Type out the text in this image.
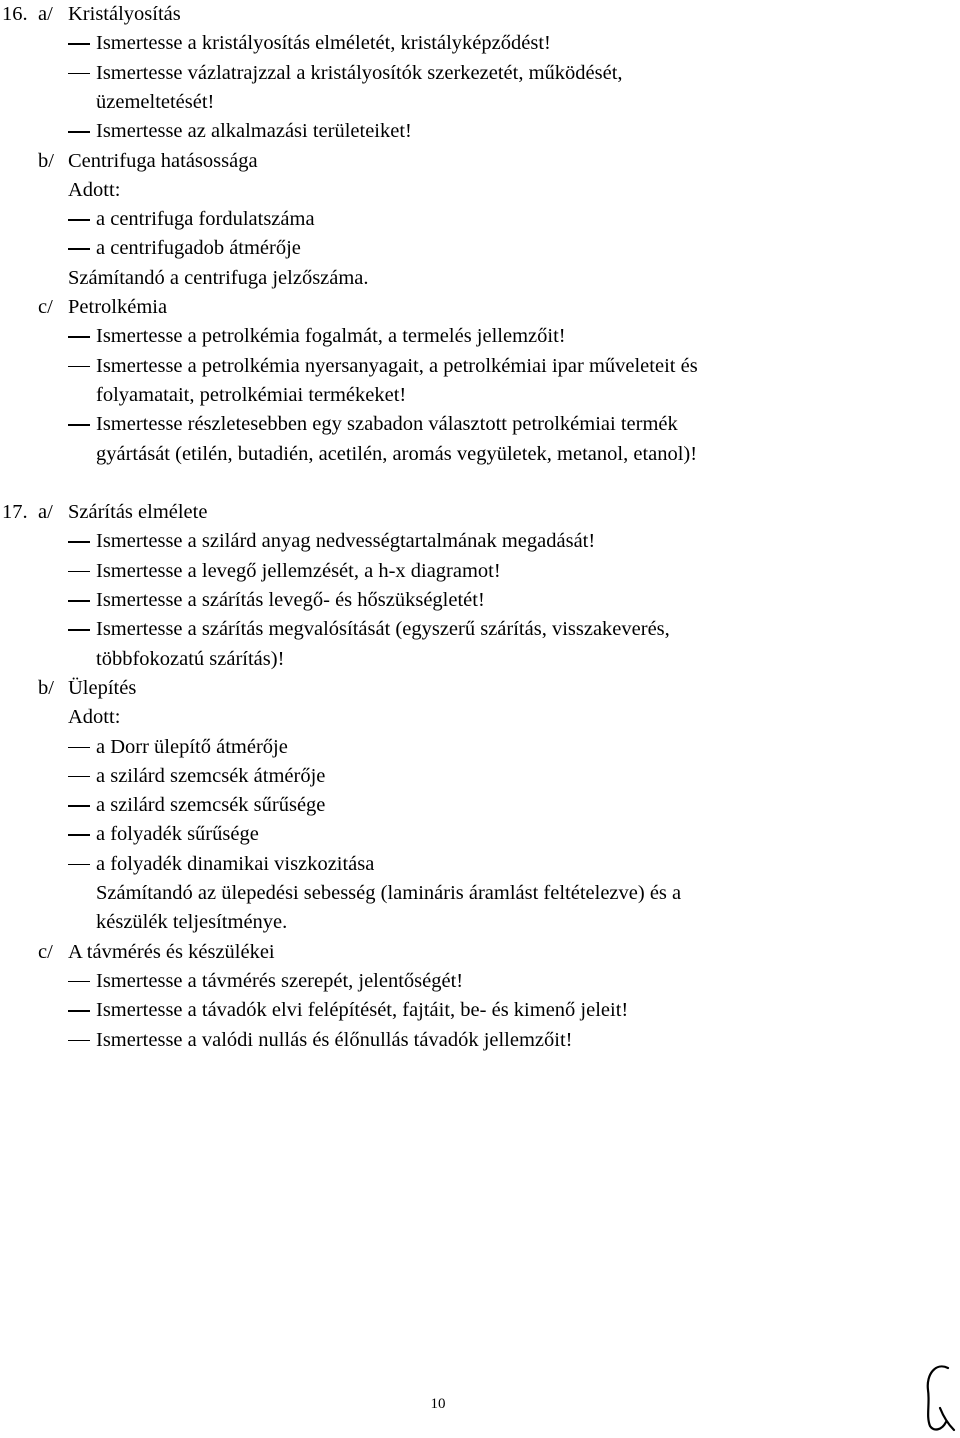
10
16. a/ Kristályosítás
Ismertesse a kristályosítás elméletét, kristályképződést!
Ismertesse vázlatrajzzal a kristályosítók szerkezetét, működését,
üzemeltetését!
Ismertesse az alkalmazási területeiket!
b/ Centrifuga hatásossága
Adott:
a centrifuga fordulatszáma
a centrifugadob átmérője
Számítandó a centrifuga jelzőszáma.
c/ Petrolkémia
Ismertesse a petrolkémia fogalmát, a termelés jellemzőit!
Ismertesse a petrolkémia nyersanyagait, a petrolkémiai ipar műveleteit és
folyamatait, petrolkémiai termékeket!
Ismertesse részletesebben egy szabadon választott petrolkémiai termék
gyártását (etilén, butadién, acetilén, aromás vegyületek, metanol, etanol)!
17. a/ Szárítás elmélete
Ismertesse a szilárd anyag nedvességtartalmának megadását!
Ismertesse a levegő jellemzését, a h-x diagramot!
Ismertesse a szárítás levegő- és hőszükségletét!
Ismertesse a szárítás megvalósítását (egyszerű szárítás, visszakeverés,
többfokozatú szárítás)!
b/ Ülepítés
Adott:
a Dorr ülepítő átmérője
a szilárd szemcsék átmérője
a szilárd szemcsék sűrűsége
a folyadék sűrűsége
a folyadék dinamikai viszkozitása
Számítandó az ülepedési sebesség (lamináris áramlást feltételezve) és a
készülék teljesítménye.
c/ A távmérés és készülékei
Ismertesse a távmérés szerepét, jelentőségét!
Ismertesse a távadók elvi felépítését, fajtáit, be- és kimenő jeleit!
Ismertesse a valódi nullás és élőnullás távadók jellemzőit!
